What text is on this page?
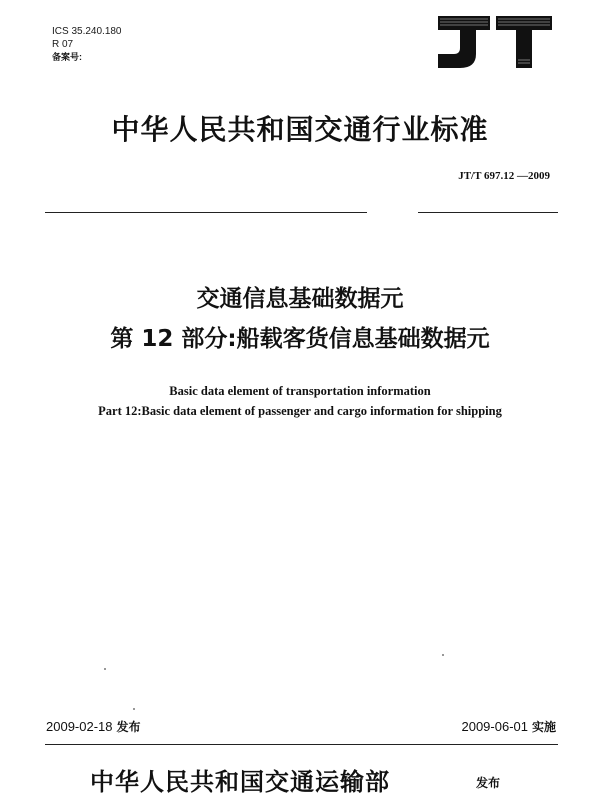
ICS 35.240.180
R 07
备案号:
中华人民共和国交通行业标准
JT/T 697.12 —2009
交通信息基础数据元
第 12 部分:船载客货信息基础数据元
Basic data element of transportation information
Part 12:Basic data element of passenger and cargo information for shipping
2009-02-18 发布	2009-06-01 实施
中华人民共和国交通运输部	发布
